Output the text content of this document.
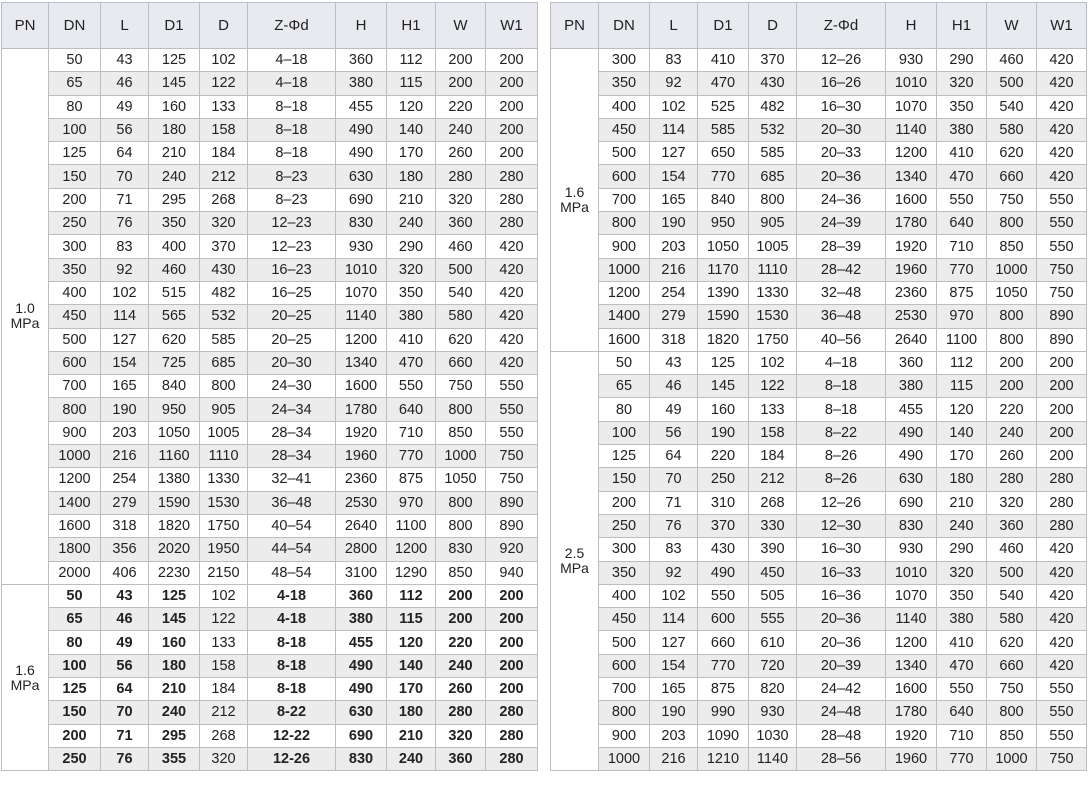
PN	DN	L	D1	D	Z-Φd	H	H1	W	W1

1.0
MPa	50	43	125	102	4–18	360	112	200	200
	65	46	145	122	4–18	380	115	200	200
	80	49	160	133	8–18	455	120	220	200
	100	56	180	158	8–18	490	140	240	200
	125	64	210	184	8–18	490	170	260	200
	150	70	240	212	8–23	630	180	280	280
	200	71	295	268	8–23	690	210	320	280
	250	76	350	320	12–23	830	240	360	280
	300	83	400	370	12–23	930	290	460	420
	350	92	460	430	16–23	1010	320	500	420
	400	102	515	482	16–25	1070	350	540	420
	450	114	565	532	20–25	1140	380	580	420
	500	127	620	585	20–25	1200	410	620	420
	600	154	725	685	20–30	1340	470	660	420
	700	165	840	800	24–30	1600	550	750	550
	800	190	950	905	24–34	1780	640	800	550
	900	203	1050	1005	28–34	1920	710	850	550
	1000	216	1160	1110	28–34	1960	770	1000	750
	1200	254	1380	1330	32–41	2360	875	1050	750
	1400	279	1590	1530	36–48	2530	970	800	890
	1600	318	1820	1750	40–54	2640	1100	800	890
	1800	356	2020	1950	44–54	2800	1200	830	920
	2000	406	2230	2150	48–54	3100	1290	850	940

1.6
MPa	50	43	125	102	4-18	360	112	200	200
	65	46	145	122	4-18	380	115	200	200
	80	49	160	133	8-18	455	120	220	200
	100	56	180	158	8-18	490	140	240	200
	125	64	210	184	8-18	490	170	260	200
	150	70	240	212	8-22	630	180	280	280
	200	71	295	268	12-22	690	210	320	280
	250	76	355	320	12-26	830	240	360	280
PN	DN	L	D1	D	Z-Φd	H	H1	W	W1

1.6
MPa	300	83	410	370	12–26	930	290	460	420
	350	92	470	430	16–26	1010	320	500	420
	400	102	525	482	16–30	1070	350	540	420
	450	114	585	532	20–30	1140	380	580	420
	500	127	650	585	20–33	1200	410	620	420
	600	154	770	685	20–36	1340	470	660	420
	700	165	840	800	24–36	1600	550	750	550
	800	190	950	905	24–39	1780	640	800	550
	900	203	1050	1005	28–39	1920	710	850	550
	1000	216	1170	1110	28–42	1960	770	1000	750
	1200	254	1390	1330	32–48	2360	875	1050	750
	1400	279	1590	1530	36–48	2530	970	800	890
	1600	318	1820	1750	40–56	2640	1100	800	890

2.5
MPa	50	43	125	102	4–18	360	112	200	200
	65	46	145	122	8–18	380	115	200	200
	80	49	160	133	8–18	455	120	220	200
	100	56	190	158	8–22	490	140	240	200
	125	64	220	184	8–26	490	170	260	200
	150	70	250	212	8–26	630	180	280	280
	200	71	310	268	12–26	690	210	320	280
	250	76	370	330	12–30	830	240	360	280
	300	83	430	390	16–30	930	290	460	420
	350	92	490	450	16–33	1010	320	500	420
	400	102	550	505	16–36	1070	350	540	420
	450	114	600	555	20–36	1140	380	580	420
	500	127	660	610	20–36	1200	410	620	420
	600	154	770	720	20–39	1340	470	660	420
	700	165	875	820	24–42	1600	550	750	550
	800	190	990	930	24–48	1780	640	800	550
	900	203	1090	1030	28–48	1920	710	850	550
	1000	216	1210	1140	28–56	1960	770	1000	750
